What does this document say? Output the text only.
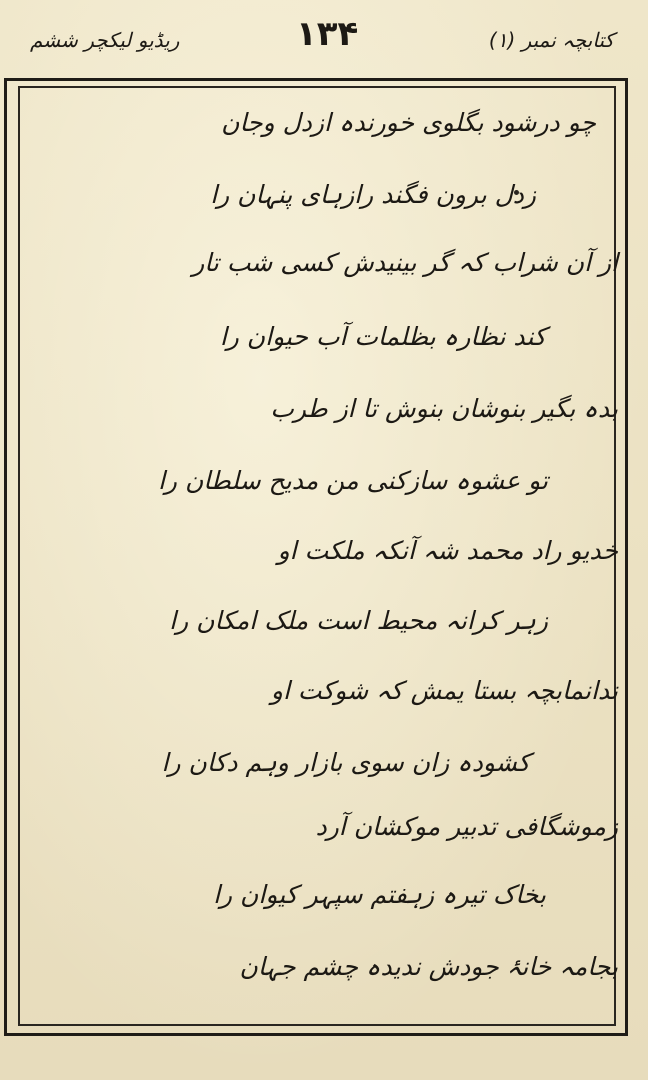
ریڈیو لیکچر ششم	۱۳۴	کتابچہ نمبر (۱)
چو درشود بگلوی خورندہ ازدل وجان
زدل برون فگند رازہای پنہان را
از آن شراب کہ گر بینیدش کسی شب تار
کند نظارہ بظلمات آب حیوان را
بدہ بگیر بنوشان بنوش تا از طرب
تو عشوہ سازکنی من مدیح سلطان را
خدیو راد محمد شہ آنکہ ملکت او
زہر کرانہ محیط است ملک امکان را
ندانمابچہ بستا یمش کہ شوکت او
کشودہ زان سوی بازار وہم دکان را
زموشگافی تدبیر موکشان آرد
بخاک تیرہ زہفتم سپہر کیوان را
بجامہ خانۂ جودش ندیدہ چشم جہان
